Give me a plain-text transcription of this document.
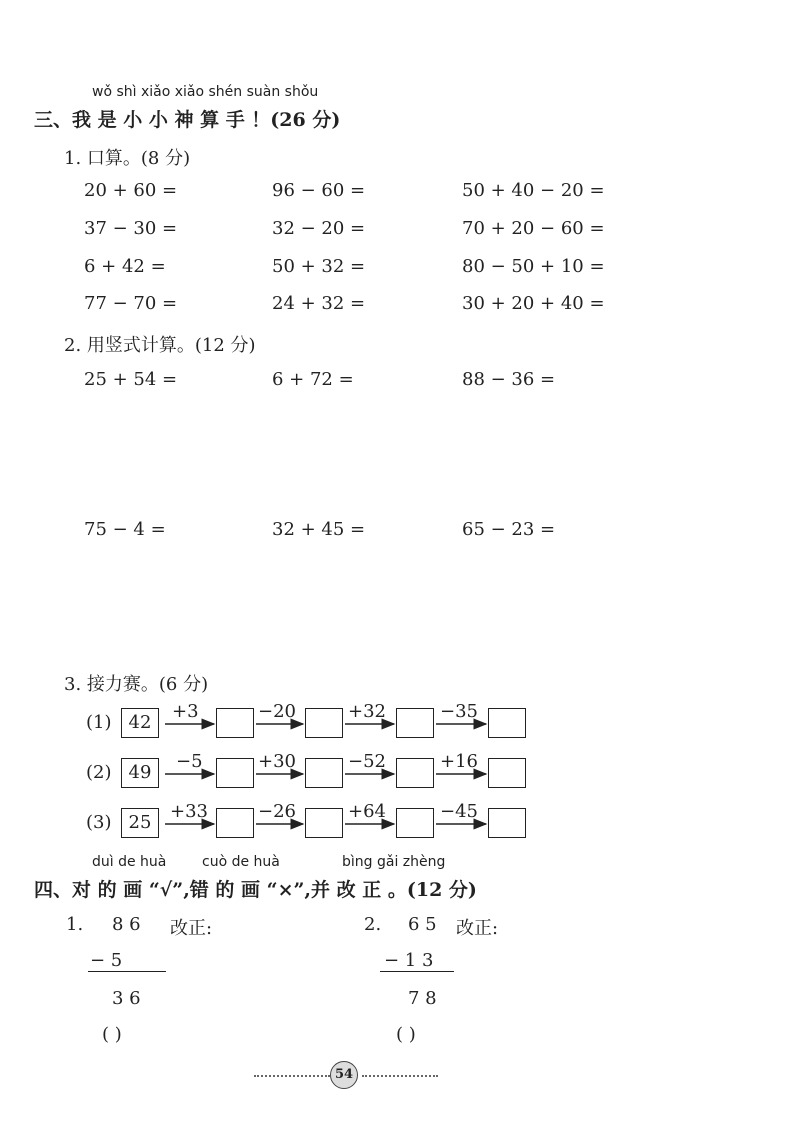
wǒ shì xiǎo xiǎo shén suàn shǒu
三、我 是 小 小 神 算 手 ！(26 分)
1. 口算。(8 分)
20 + 60 =	96 − 60 =	50 + 40 − 20 =
37 − 30 =	32 − 20 =	70 + 20 − 60 =
6 + 42 =	50 + 32 =	80 − 50 + 10 =
77 − 70 =	24 + 32 =	30 + 20 + 40 =
2. 用竖式计算。(12 分)
25 + 54 =	6 + 72 =	88 − 36 =
75 − 4 =	32 + 45 =	65 − 23 =
3. 接力赛。(6 分)
(1) 42
+3	−20	+32	−35
(2) 49
−5	+30	−52	+16
(3) 25
+33	−26	+64	−45
duì de huà	cuò de huà	bìng gǎi zhèng
四、对 的 画 “√”,错 的 画 “×”,并 改 正 。(12 分)
1. 8 6 改正:
− 5
3 6
( )
2. 6 5 改正:
− 1 3
7 8
( )
54
